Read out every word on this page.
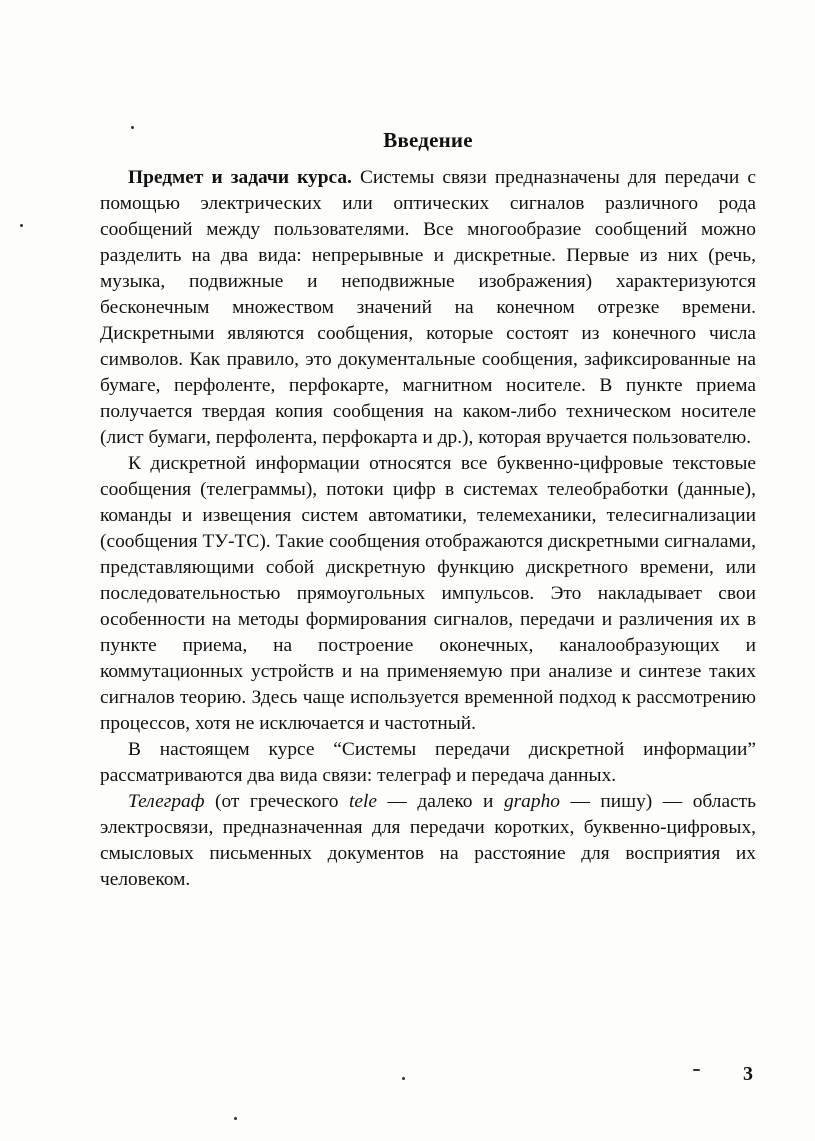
Введение

Предмет и задачи курса. Системы связи предназначены для передачи с помощью электрических или оптических сигналов различного рода сообщений между пользователями. Все многообразие сообщений можно разделить на два вида: непрерывные и дискретные. Первые из них (речь, музыка, подвижные и неподвижные изображения) характеризуются бесконечным множеством значений на конечном отрезке времени. Дискретными являются сообщения, которые состоят из конечного числа символов. Как правило, это документальные сообщения, зафиксированные на бумаге, перфоленте, перфокарте, магнитном носителе. В пункте приема получается твердая копия сообщения на каком-либо техническом носителе (лист бумаги, перфолента, перфокарта и др.), которая вручается пользователю.

К дискретной информации относятся все буквенно-цифровые текстовые сообщения (телеграммы), потоки цифр в системах телеобработки (данные), команды и извещения систем автоматики, телемеханики, телесигнализации (сообщения ТУ-ТС). Такие сообщения отображаются дискретными сигналами, представляющими собой дискретную функцию дискретного времени, или последовательностью прямоугольных импульсов. Это накладывает свои особенности на методы формирования сигналов, передачи и различения их в пункте приема, на построение оконечных, каналообразующих и коммутационных устройств и на применяемую при анализе и синтезе таких сигналов теорию. Здесь чаще используется временной подход к рассмотрению процессов, хотя не исключается и частотный.

В настоящем курсе “Системы передачи дискретной информации” рассматриваются два вида связи: телеграф и передача данных.

Телеграф (от греческого tele — далеко и grapho — пишу) — область электросвязи, предназначенная для передачи коротких, буквенно-цифровых, смысловых письменных документов на расстояние для восприятия их человеком.

3
